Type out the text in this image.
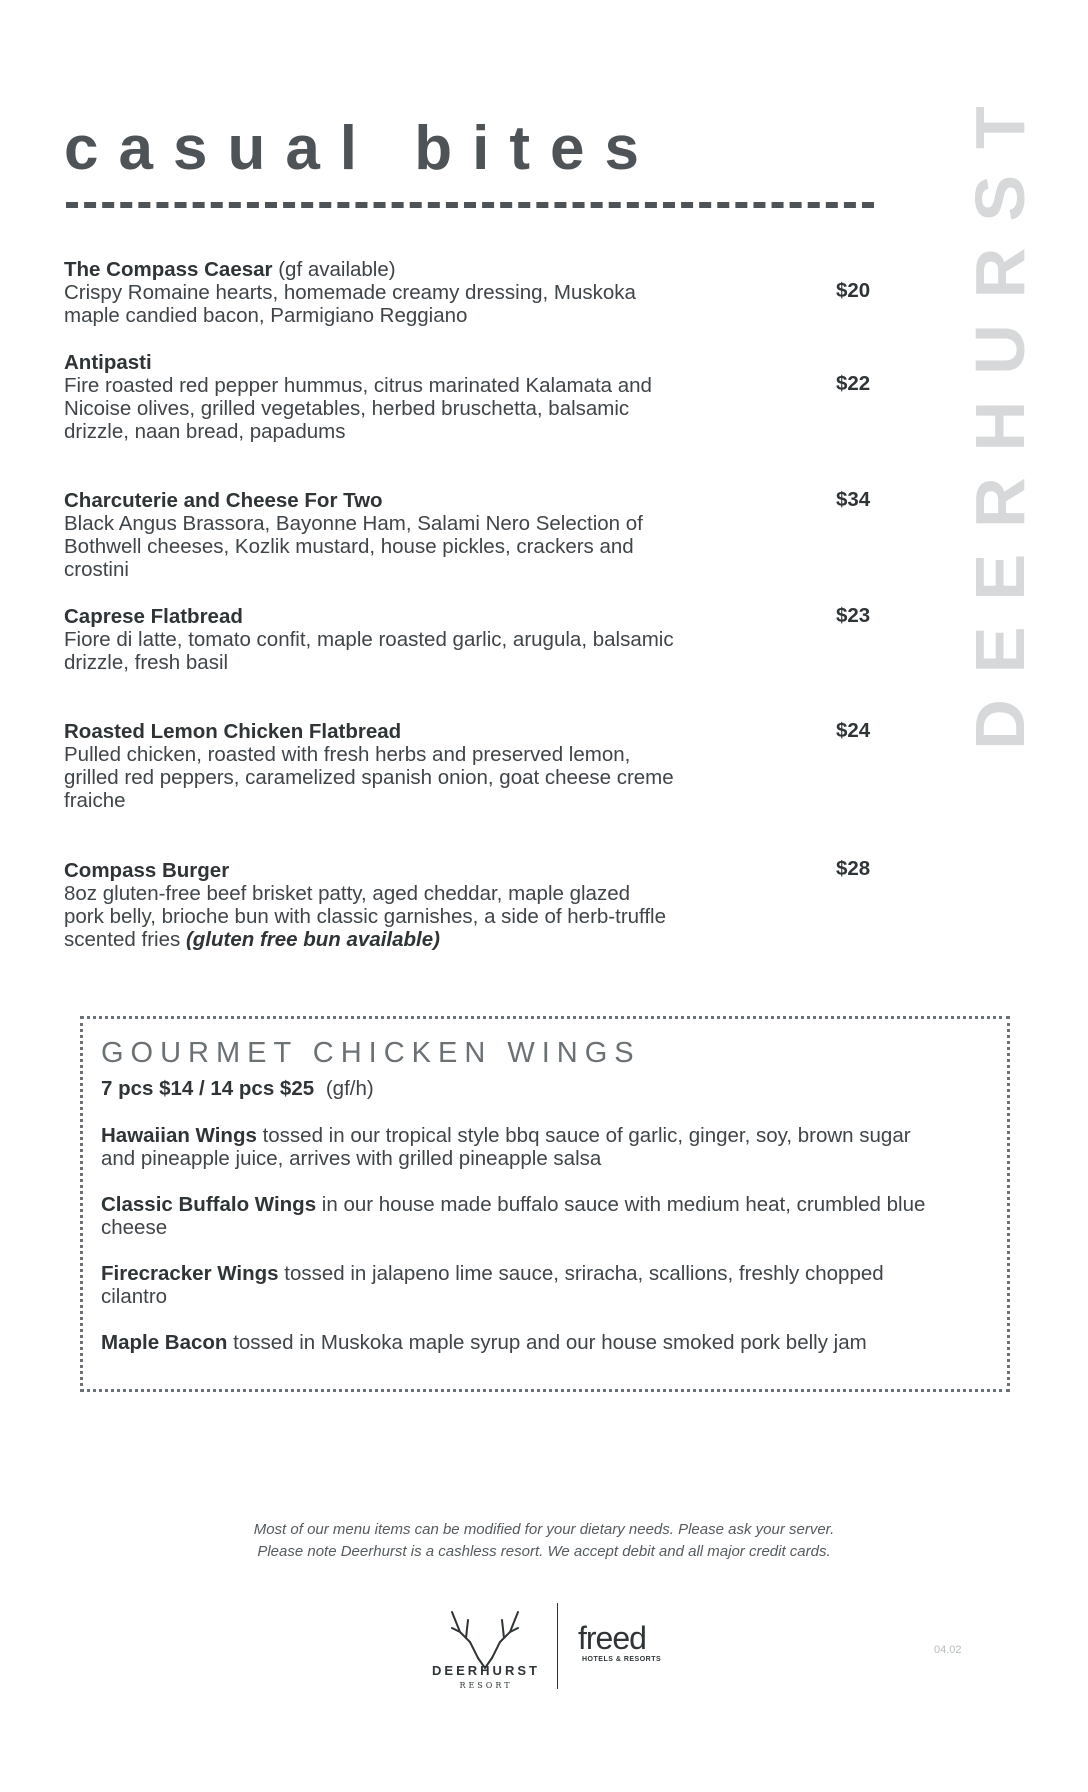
casual bites	DEERHURST
The Compass Caesar (gf available)
Crispy Romaine hearts, homemade creamy dressing, Muskoka
maple candied bacon, Parmigiano Reggiano
$20
Antipasti
Fire roasted red pepper hummus, citrus marinated Kalamata and
Nicoise olives, grilled vegetables, herbed bruschetta, balsamic
drizzle, naan bread, papadums
$22
Charcuterie and Cheese For Two
Black Angus Brassora, Bayonne Ham, Salami Nero Selection of
Bothwell cheeses, Kozlik mustard, house pickles, crackers and
crostini
$34
Caprese Flatbread
Fiore di latte, tomato confit, maple roasted garlic, arugula, balsamic
drizzle, fresh basil
$23
Roasted Lemon Chicken Flatbread
Pulled chicken, roasted with fresh herbs and preserved lemon,
grilled red peppers, caramelized spanish onion, goat cheese creme
fraiche
$24
Compass Burger
8oz gluten-free beef brisket patty, aged cheddar, maple glazed
pork belly, brioche bun with classic garnishes, a side of herb-truffle
scented fries (gluten free bun available)
$28
GOURMET CHICKEN WINGS
7 pcs $14 / 14 pcs $25 (gf/h)
Hawaiian Wings tossed in our tropical style bbq sauce of garlic, ginger, soy, brown sugar
and pineapple juice, arrives with grilled pineapple salsa
Classic Buffalo Wings in our house made buffalo sauce with medium heat, crumbled blue
cheese
Firecracker Wings tossed in jalapeno lime sauce, sriracha, scallions, freshly chopped
cilantro
Maple Bacon tossed in Muskoka maple syrup and our house smoked pork belly jam
Most of our menu items can be modified for your dietary needs. Please ask your server.
Please note Deerhurst is a cashless resort. We accept debit and all major credit cards.
DEERHURST
RESORT
freed
HOTELS & RESORTS
04.02
